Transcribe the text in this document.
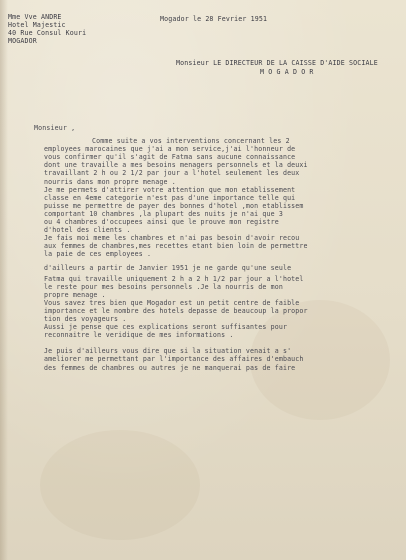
Mme Vve ANDRE
Hotel Majestic
40 Rue Consul Kouri
MOGADOR
Mogador le 28 Fevrier 1951
Monsieur LE DIRECTEUR DE LA CAISSE D'AIDE SOCIALE
M O G A D O R
Monsieur ,
Comme suite a vos interventions concernant les 2
employees marocaines que j'ai a mon service,j'ai l'honneur de
vous confirmer qu'il s'agit de Fatma sans aucune connaissance
dont une travaille a mes besoins menagers personnels et la deuxi
travaillant 2 h ou 2 1/2 par jour a l'hotel seulement les deux
nourris dans mon propre menage .
Je me permets d'attirer votre attention que mon etablissement
classe en 4eme categorie n'est pas d'une importance telle qui
puisse me permettre de payer des bonnes d'hotel ,mon etablissem
comportant 10 chambres ,la plupart des nuits je n'ai que 3
ou 4 chambres d'occupees ainsi que le prouve mon registre
d'hotel des clients .
Je fais moi meme les chambres et n'ai pas besoin d'avoir recou
aux femmes de chambres,mes recettes etant bien loin de permettre
la paie de ces employees .
d'ailleurs a partir de Janvier 1951 je ne garde qu'une seule
Fatma qui travaille uniquement 2 h a 2 h 1/2 par jour a l'hotel
le reste pour mes besoins personnels .Je la nourris de mon
propre menage .
Vous savez tres bien que Mogador est un petit centre de faible
importance et le nombre des hotels depasse de beaucoup la propor
tion des voyageurs .
Aussi je pense que ces explications seront suffisantes pour
reconnaitre le veridique de mes informations .
Je puis d'ailleurs vous dire que si la situation venait a s'
ameliorer me permettant par l'importance des affaires d'embauch
des femmes de chambres ou autres je ne manquerai pas de faire
